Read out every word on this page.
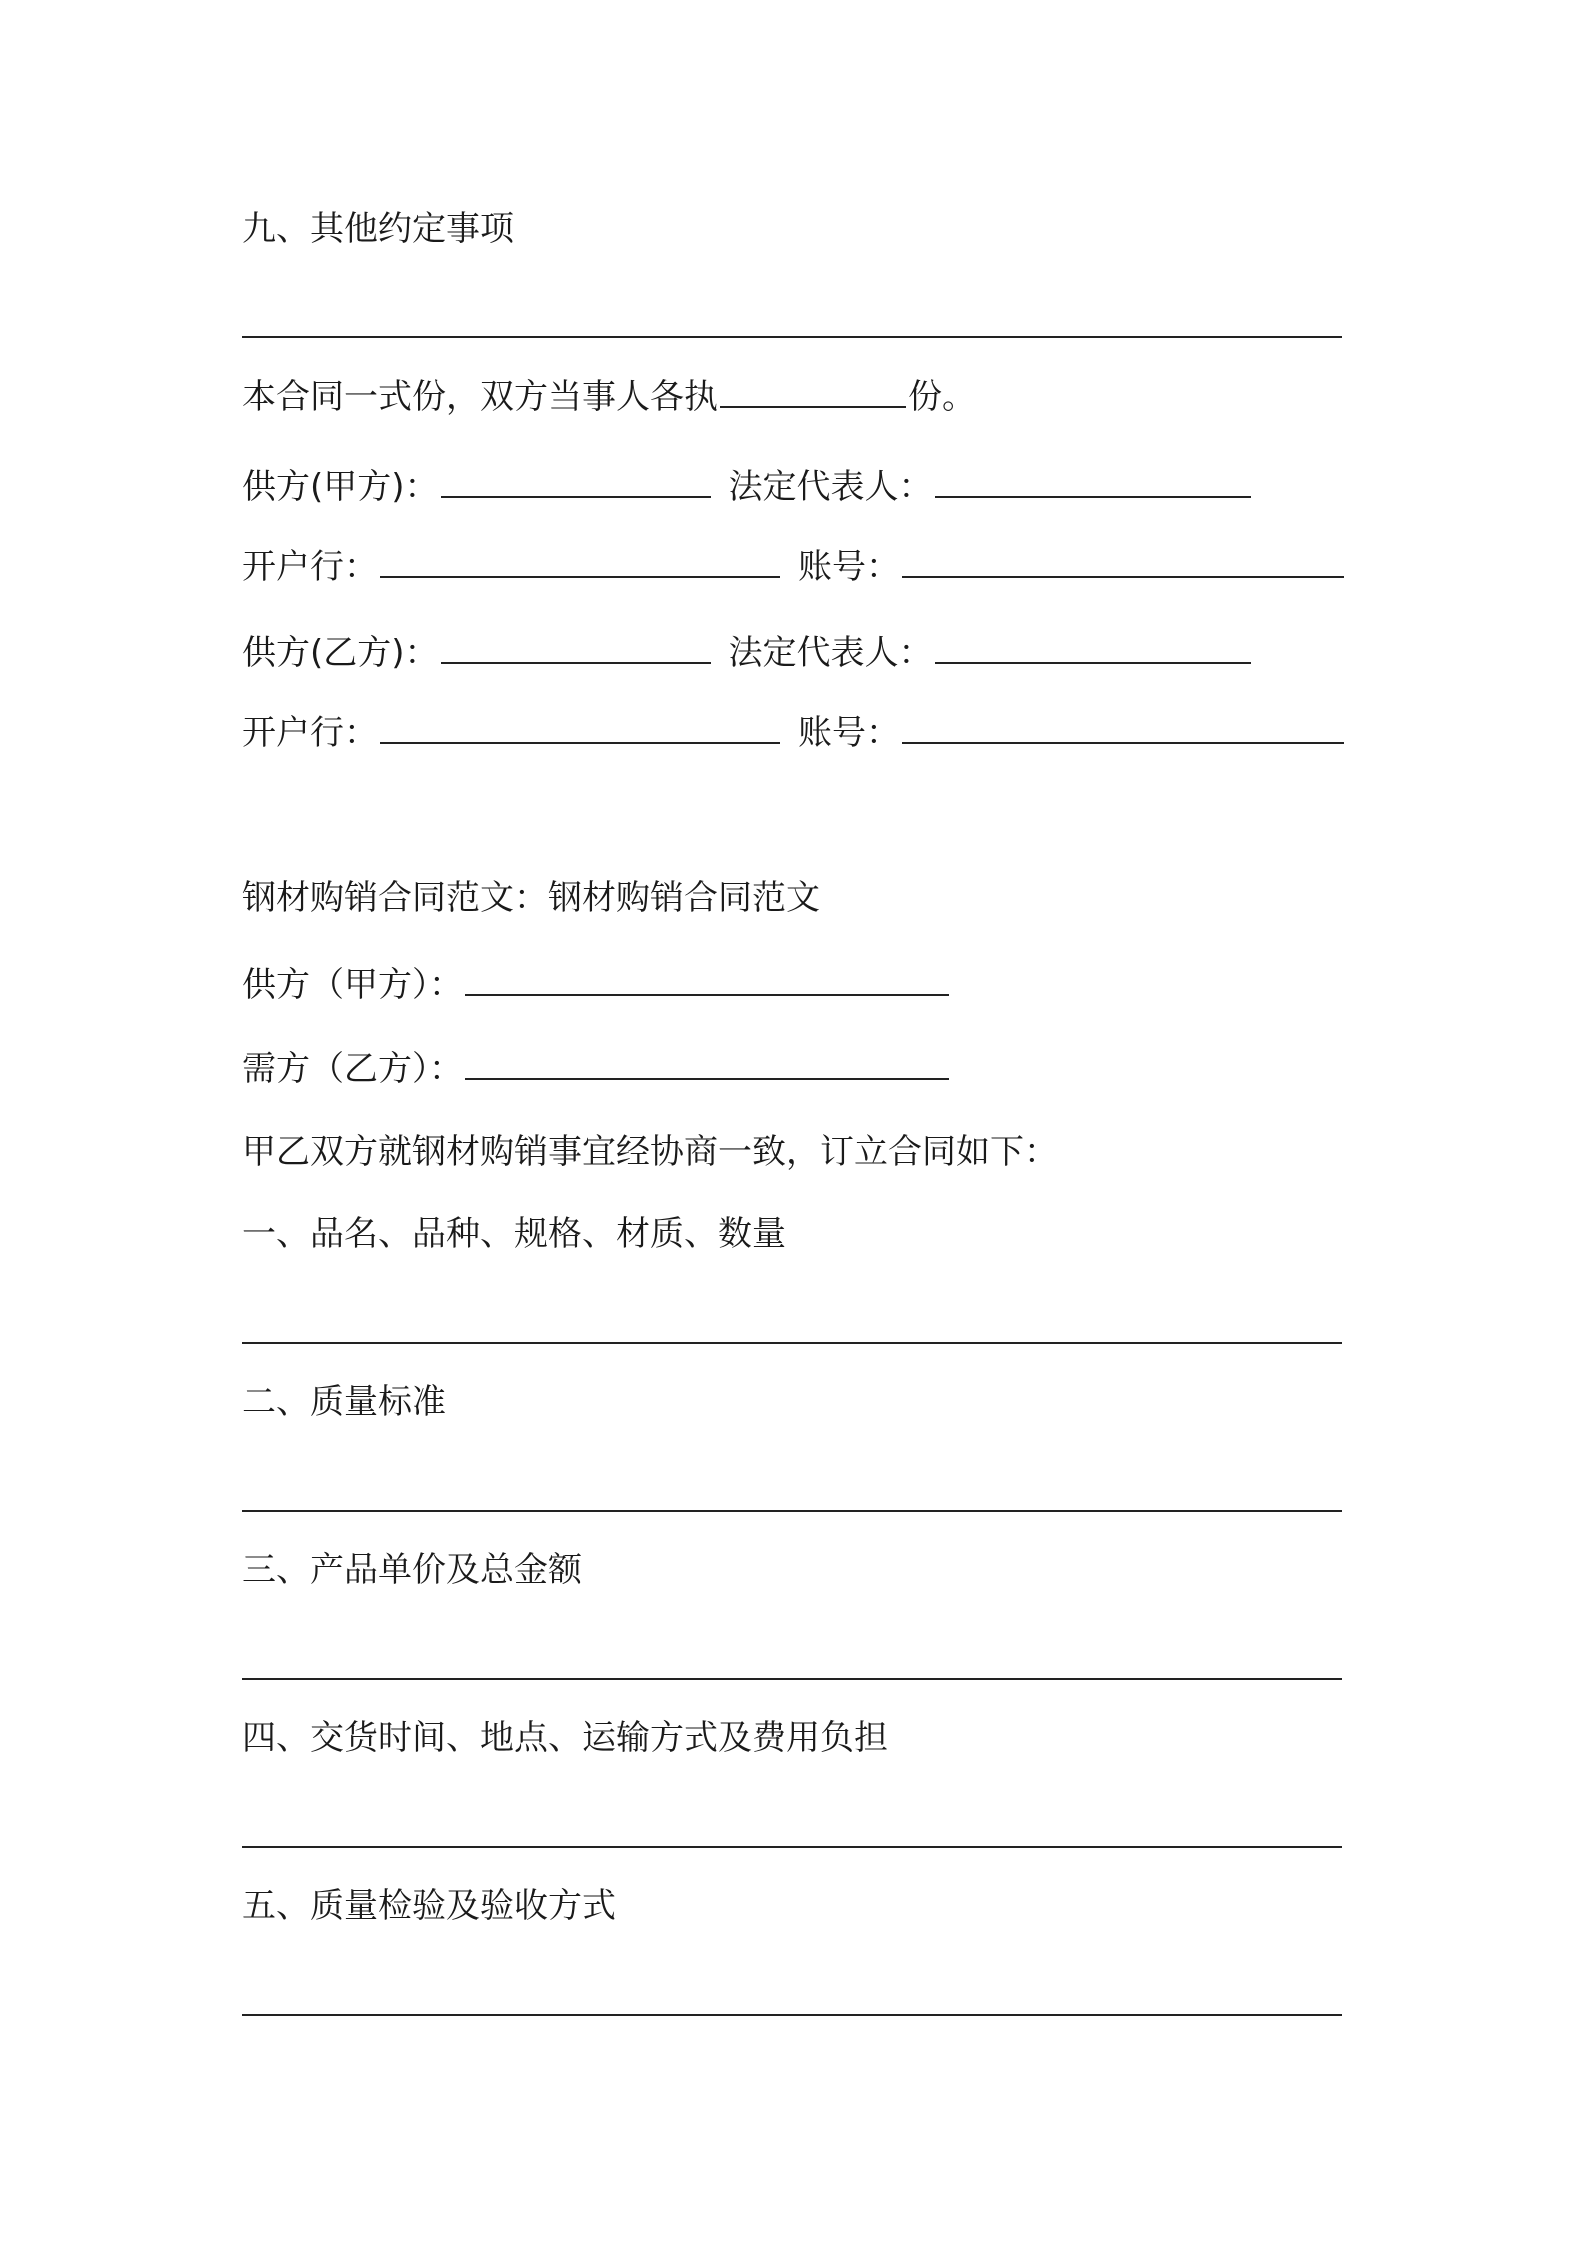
九、其他约定事项
本合同一式份，双方当事人各执	份。
供方(甲方)：	法定代表人：
开户行：	账号：
供方(乙方)：	法定代表人：
开户行：	账号：
钢材购销合同范文：钢材购销合同范文
供方（甲方）：
需方（乙方）：
甲乙双方就钢材购销事宜经协商一致，订立合同如下：
一、品名、品种、规格、材质、数量
二、质量标准
三、产品单价及总金额
四、交货时间、地点、运输方式及费用负担
五、质量检验及验收方式
